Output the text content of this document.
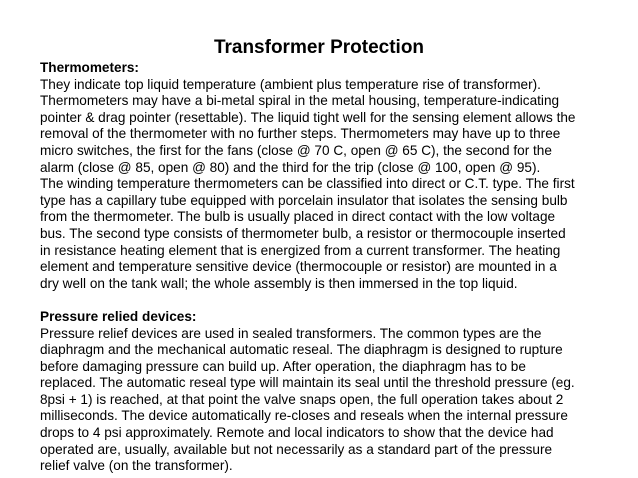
Transformer Protection
Thermometers:
They indicate top liquid temperature (ambient plus temperature rise of transformer).
Thermometers may have a bi-metal spiral in the metal housing, temperature-indicating
pointer & drag pointer (resettable). The liquid tight well for the sensing element allows the
removal of the thermometer with no further steps. Thermometers may have up to three
micro switches, the first for the fans (close @ 70 C, open @ 65 C), the second for the
alarm (close @ 85, open @ 80) and the third for the trip (close @ 100, open @ 95).
The winding temperature thermometers can be classified into direct or C.T. type. The first
type has a capillary tube equipped with porcelain insulator that isolates the sensing bulb
from the thermometer. The bulb is usually placed in direct contact with the low voltage
bus. The second type consists of thermometer bulb, a resistor or thermocouple inserted
in resistance heating element that is energized from a current transformer. The heating
element and temperature sensitive device (thermocouple or resistor) are mounted in a
dry well on the tank wall; the whole assembly is then immersed in the top liquid.
Pressure relied devices:
Pressure relief devices are used in sealed transformers. The common types are the
diaphragm and the mechanical automatic reseal. The diaphragm is designed to rupture
before damaging pressure can build up. After operation, the diaphragm has to be
replaced. The automatic reseal type will maintain its seal until the threshold pressure (eg.
8psi + 1) is reached, at that point the valve snaps open, the full operation takes about 2
milliseconds. The device automatically re-closes and reseals when the internal pressure
drops to 4 psi approximately. Remote and local indicators to show that the device had
operated are, usually, available but not necessarily as a standard part of the pressure
relief valve (on the transformer).
